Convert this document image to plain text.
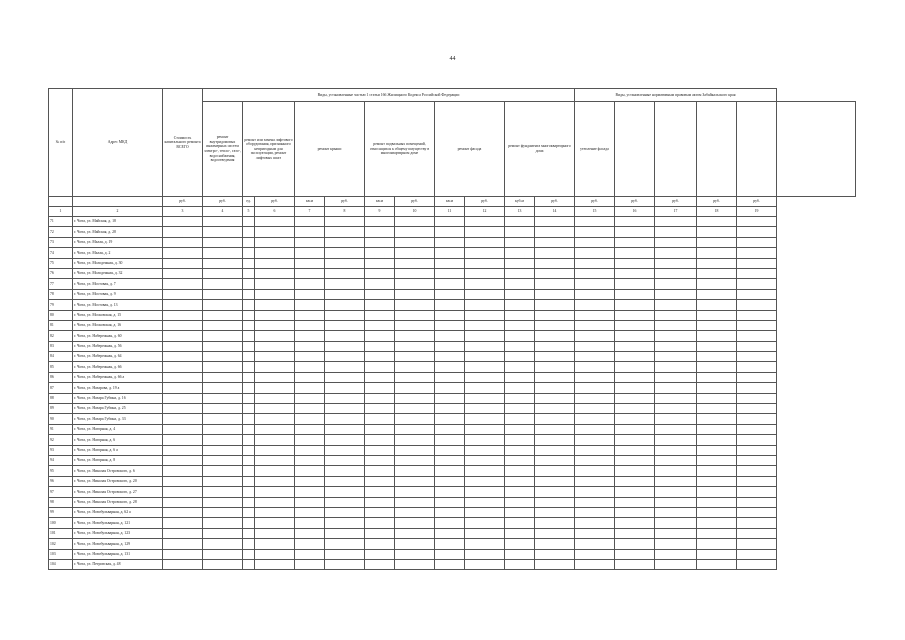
44
№ п/п	Адрес МКД	Стоимость капитального ремонта ВСЕГО	Виды, установленные частью 1 статьи 166 Жилищного Кодекса Российской Федерации											Виды, установленные нормативным правовым актом Забайкальского края					
			ремонт внутридомовых инженерных систем электро-, тепло-, газо-, водоснабжения, водоотведения	ремонт или замена лифтового оборудования, признанного непригодным для эксплуатации, ремонт лифтовых шахт		ремонт крыши		ремонт подвальных помещений, относящихся к общему имуществу в многоквартирном доме		ремонт фасада		ремонт фундамента многоквартирного дома		утепление фасада					
		руб.	руб.	ед.	руб.	кв.м	руб.	кв.м	руб.	кв.м	руб.	куб.м	руб.	руб.	руб.	руб.	руб.	руб.	
1	2	3	4	5	6	7	8	9	10	11	12	13	14	15	16	17	18	19	
71	г. Чита, ул. Майская, д. 18																		
72	г. Чита, ул. Майская, д. 28																		
73	г. Чита, ул. Малая, д. 19																		
74	г. Чита, ул. Малая, д. 2																		
75	г. Чита, ул. Молодежная, д. 30																		
76	г. Чита, ул. Молодежная, д. 32																		
77	г. Чита, ул. Мостовая, д. 7																		
78	г. Чита, ул. Мостовая, д. 9																		
79	г. Чита, ул. Мостовая, д. 13																		
80	г. Чита, ул. Московская, д. 15																		
81	г. Чита, ул. Московская, д. 16																		
82	г. Чита, ул. Набережная, д. 60																		
83	г. Чита, ул. Набережная, д. 56																		
84	г. Чита, ул. Набережная, д. 64																		
85	г. Чита, ул. Набережная, д. 66																		
86	г. Чита, ул. Набережная, д. 66 а																		
87	г. Чита, ул. Назарова, д. 19 а																		
88	г. Чита, ул. Назара Губина, д. 16																		
89	г. Чита, ул. Назара Губина, д. 25																		
90	г. Чита, ул. Назара Губина, д. 33																		
91	г. Чита, ул. Нагорная, д. 4																		
92	г. Чита, ул. Нагорная, д. 6																		
93	г. Чита, ул. Нагорная, д. 6 а																		
94	г. Чита, ул. Нагорная, д. 8																		
95	г. Чита, ул. Николая Островского, д. 6																		
96	г. Чита, ул. Николая Островского, д. 20																		
97	г. Чита, ул. Николая Островского, д. 27																		
98	г. Чита, ул. Николая Островского, д. 28																		
99	г. Чита, ул. Новобульварная, д. 62 а																		
100	г. Чита, ул. Новобульварная, д. 121																		
101	г. Чита, ул. Новобульварная, д. 123																		
102	г. Чита, ул. Новобульварная, д. 129																		
103	г. Чита, ул. Новобульварная, д. 131																		
104	г. Чита, ул. Петровская, д. 48																		
